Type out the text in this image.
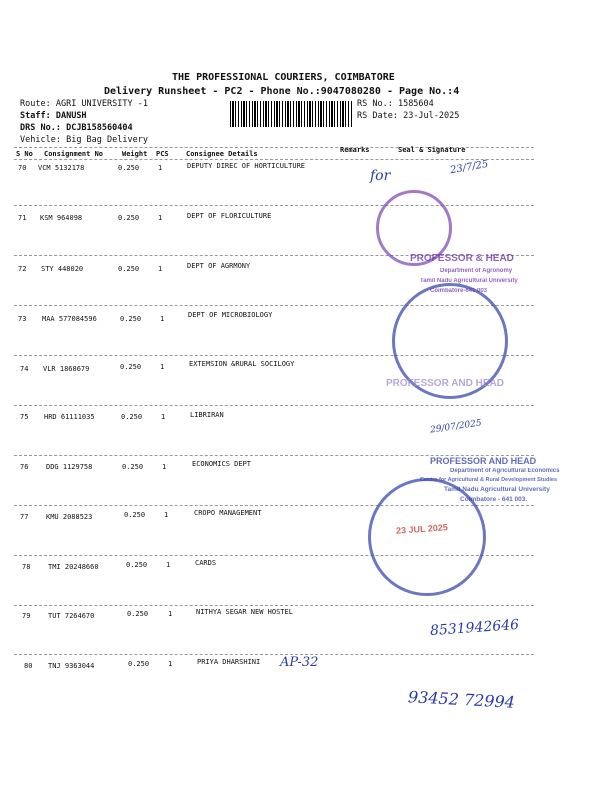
THE PROFESSIONAL COURIERS, COIMBATORE
Delivery Runsheet - PC2 - Phone No.:9047080280 - Page No.:4
Route: AGRI UNIVERSITY -1
Staff: DANUSH
DRS No.: DCJB158560404
Vehicle: Big Bag Delivery
RS No.: 1585604
RS Date: 23-Jul-2025
S No Consignment No	Weight PCS Consignee Details	Remarks	Seal & Signature
70 VCM 5132178	0.250	1	DEPUTY DIREC OF HORTICULTURE
71 KSM 964098	0.250	1	DEPT OF FLORICULTURE
72 STY 448020	0.250	1	DEPT OF AGRMONY
73 MAA 577084596	0.250	1	DEPT OF MICROBIOLOGY
74 VLR 1868679	0.250	1	EXTEMSION &RURAL SOCILOGY
75 HRD 61111035	0.250	1	LIBRIRAN
76	DDG 1129758	0.250	1	ECONOMICS DEPT
77	KMU 2088523	0.250	1	CROPO MANAGEMENT
78	TMI 20248660	0.250	1	CARDS
79	TUT 7264670	0.250	1	NITHYA SEGAR NEW HOSTEL
80 TNJ 9363044	0.250	1	PRIYA DHARSHINI
for	23/7/25
PROFESSOR & HEAD
Department of Agronomy
Tamil Nadu Agricultural University
Coimbatore-641 003
PROFESSOR AND HEAD
29/07/2025
PROFESSOR AND HEAD
Department of Agricultural Economics
Centre for Agricultural & Rural Development Studies
Tamil Nadu Agricultural University
Coimbatore - 641 003.
23 JUL 2025
8531942646
AP-32
93452 72994
